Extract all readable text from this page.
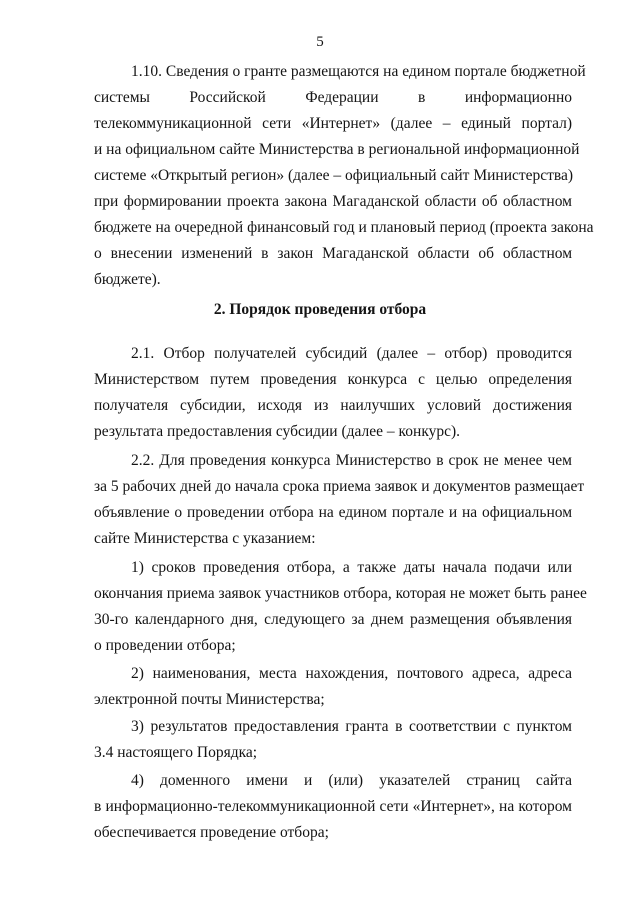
5
1.10. Сведения о гранте размещаются на едином портале бюджетной
системы Российской Федерации в информационно
телекоммуникационной сети «Интернет» (далее – единый портал)
и на официальном сайте Министерства в региональной информационной
системе «Открытый регион» (далее – официальный сайт Министерства)
при формировании проекта закона Магаданской области об областном
бюджете на очередной финансовый год и плановый период (проекта закона
о внесении изменений в закон Магаданской области об областном
бюджете).
2. Порядок проведения отбора
2.1. Отбор получателей субсидий (далее – отбор) проводится
Министерством путем проведения конкурса с целью определения
получателя субсидии, исходя из наилучших условий достижения
результата предоставления субсидии (далее – конкурс).
2.2. Для проведения конкурса Министерство в срок не менее чем
за 5 рабочих дней до начала срока приема заявок и документов размещает
объявление о проведении отбора на едином портале и на официальном
сайте Министерства с указанием:
1) сроков проведения отбора, а также даты начала подачи или
окончания приема заявок участников отбора, которая не может быть ранее
30-го календарного дня, следующего за днем размещения объявления
о проведении отбора;
2) наименования, места нахождения, почтового адреса, адреса
электронной почты Министерства;
3) результатов предоставления гранта в соответствии с пунктом
3.4 настоящего Порядка;
4) доменного имени и (или) указателей страниц сайта
в информационно-телекоммуникационной сети «Интернет», на котором
обеспечивается проведение отбора;
